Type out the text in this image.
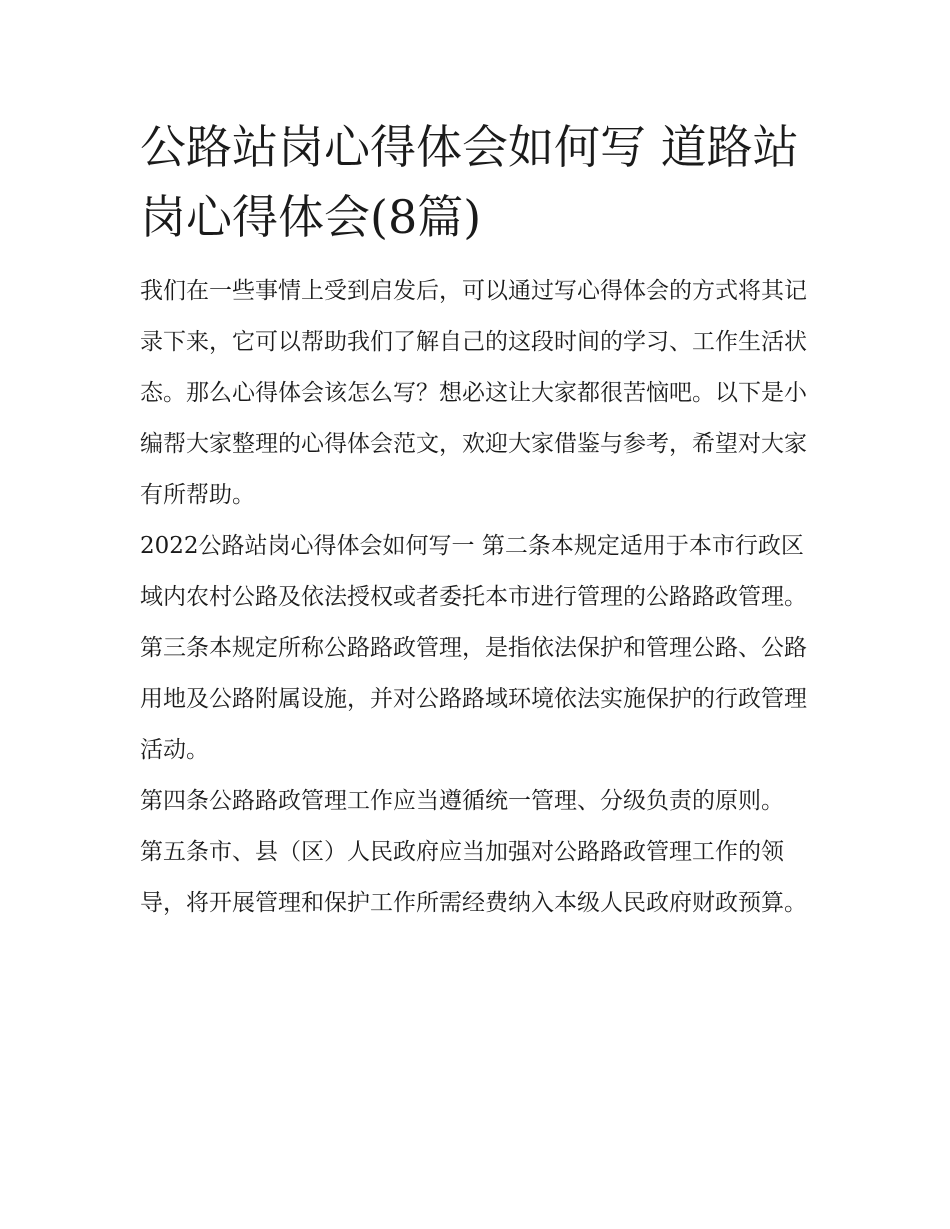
公路站岗心得体会如何写 道路站岗心得体会(8篇)

我们在一些事情上受到启发后，可以通过写心得体会的方式将其记录下来，它可以帮助我们了解自己的这段时间的学习、工作生活状态。那么心得体会该怎么写？想必这让大家都很苦恼吧。以下是小编帮大家整理的心得体会范文，欢迎大家借鉴与参考，希望对大家有所帮助。

2022公路站岗心得体会如何写一 第二条本规定适用于本市行政区域内农村公路及依法授权或者委托本市进行管理的公路路政管理。

第三条本规定所称公路路政管理，是指依法保护和管理公路、公路用地及公路附属设施，并对公路路域环境依法实施保护的行政管理活动。

第四条公路路政管理工作应当遵循统一管理、分级负责的原则。

第五条市、县（区）人民政府应当加强对公路路政管理工作的领导，将开展管理和保护工作所需经费纳入本级人民政府财政预算。
